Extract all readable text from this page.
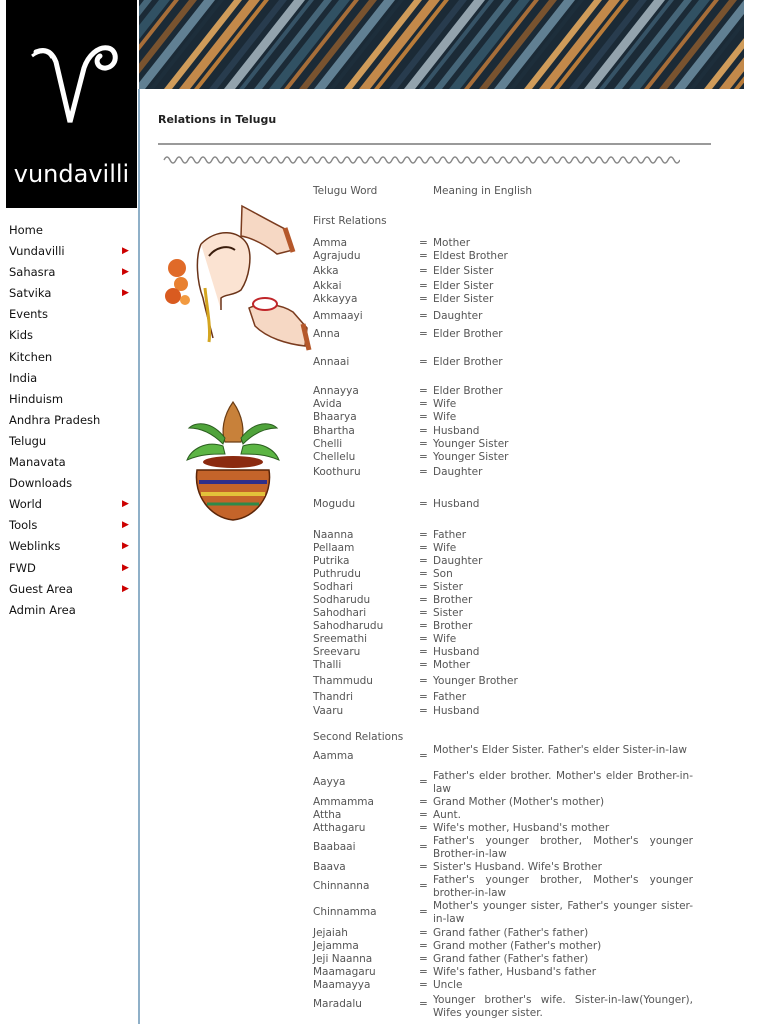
vundavilli
Home
Vundavilli	▶
Sahasra	▶
Satvika	▶
Events
Kids
Kitchen
India
Hinduism
Andhra Pradesh
Telugu
Manavata
Downloads
World	▶
Tools	▶
Weblinks	▶
FWD	▶
Guest Area	▶
Admin Area
Relations in Telugu
Telugu Word	Meaning in English
First Relations
Second Relations
Amma	= Mother
Agrajudu	= Eldest Brother
Akka	= Elder Sister
Akkai	= Elder Sister
Akkayya	= Elder Sister
Ammaayi	= Daughter
Anna	= Elder Brother
Annaai	= Elder Brother
Annayya	= Elder Brother
Avida	= Wife
Bhaarya	= Wife
Bhartha	= Husband
Chelli	= Younger Sister
Chellelu	= Younger Sister
Koothuru	= Daughter
Mogudu	= Husband
Naanna	= Father
Pellaam	= Wife
Putrika	= Daughter
Puthrudu	= Son
Sodhari	= Sister
Sodharudu	= Brother
Sahodhari	= Sister
Sahodharudu	= Brother
Sreemathi	= Wife
Sreevaru	= Husband
Thalli	= Mother
Thammudu	= Younger Brother
Thandri	= Father
Vaaru	= Husband
Aamma	= Mother's Elder Sister. Father's elder Sister-in-law
Aayya	= Father's elder brother. Mother's elder Brother-in-law
Ammamma	= Grand Mother (Mother's mother)
Attha	= Aunt.
Atthagaru	= Wife's mother, Husband's mother
Baabaai	= Father's younger brother, Mother's younger Brother-in-law
Baava	= Sister's Husband. Wife's Brother
Chinnanna	= Father's younger brother, Mother's younger brother-in-law
Chinnamma	= Mother's younger sister, Father's younger sister-in-law
Jejaiah	= Grand father (Father's father)
Jejamma	= Grand mother (Father's mother)
Jeji Naanna	= Grand father (Father's father)
Maamagaru	= Wife's father, Husband's father
Maamayya	= Uncle
Maradalu	= Younger brother's wife. Sister-in-law(Younger), Wifes younger sister.
